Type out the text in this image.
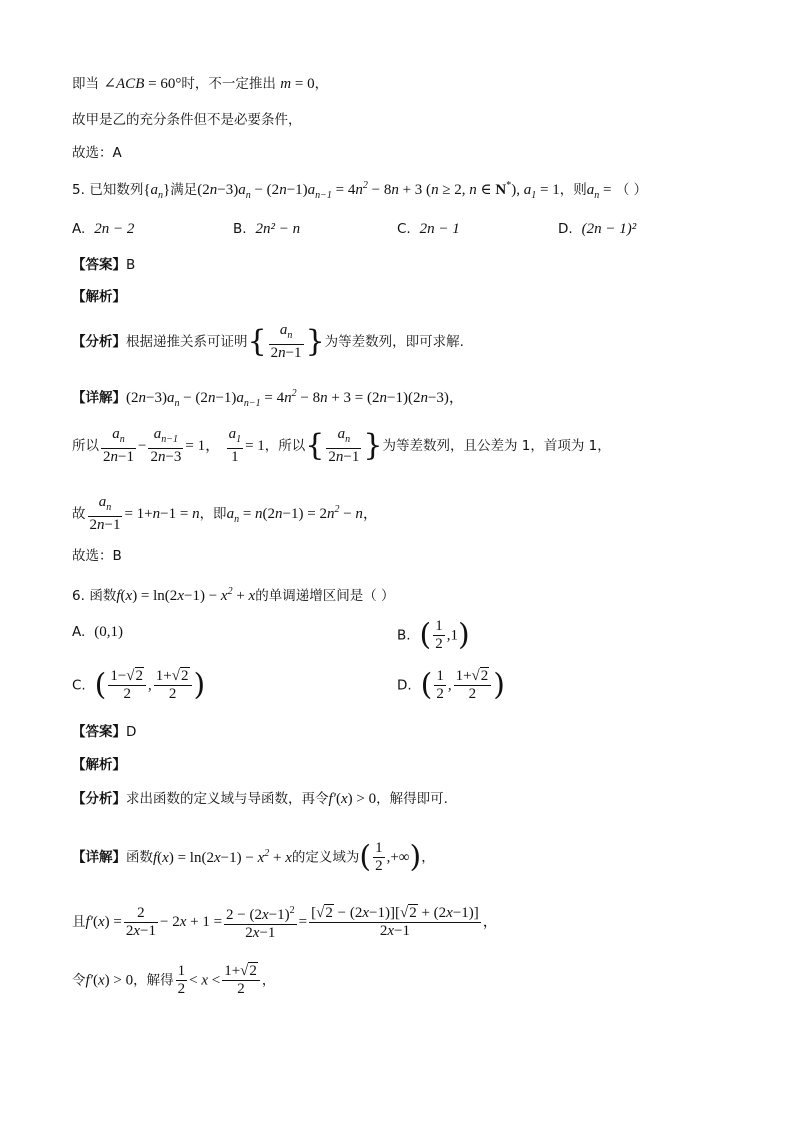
即当 ∠ACB = 60°时，不一定推出 m = 0，
故甲是乙的充分条件但不是必要条件，
故选：A
5. 已知数列$\{a_n\}$满足$(2n-3)a_n - (2n-1)a_{n-1} = 4n^2 - 8n + 3$ (n ≥ 2, n ∈ N*), $a_1 = 1$，则$a_n$ = （ ）
A. 2n − 2	B. 2n² − n	C. 2n − 1	D. (2n − 1)²
【答案】B
【解析】
【分析】根据递推关系可证明{ $\frac{a_n}{2n-1}$ }为等差数列，即可求解.
【详解】$(2n-3)a_n - (2n-1)a_{n-1} = 4n^2 - 8n + 3 = (2n-1)(2n-3)$，
所以 $\frac{a_n}{2n-1} - \frac{a_{n-1}}{2n-3} = 1$， $\frac{a_1}{1} = 1$，所以{ $\frac{a_n}{2n-1}$ }为等差数列，且公差为 1，首项为 1，
故 $\frac{a_n}{2n-1} = 1+n-1 = n$，即$a_n = n(2n-1) = 2n^2 - n$，
故选：B
6. 函数$f(x) = \ln(2x-1) - x^2 + x$的单调递增区间是（ ）
A. (0,1)	B. ( $\frac{1}{2} ,1$)
C. ( $\frac{1-√2}{2}$ , $\frac{1+√2}{2}$ )	D. ( $\frac{1}{2}$ , $\frac{1+√2}{2}$ )
【答案】D
【解析】
【分析】求出函数的定义域与导函数，再令f′(x) > 0，解得即可.
【详解】函数$f(x) = \ln(2x-1) - x^2 + x$的定义域为( $\frac{1}{2}$ ,+∞)，
且$f'(x) = \frac{2}{2x-1} - 2x + 1 = \frac{2 - (2x-1)^2}{2x-1} = \frac{[√2 - (2x-1)][√2 + (2x-1)]}{2x-1}$ ，
令f′(x) > 0，解得 $\frac{1}{2} < x < \frac{1+√2}{2}$ ，
